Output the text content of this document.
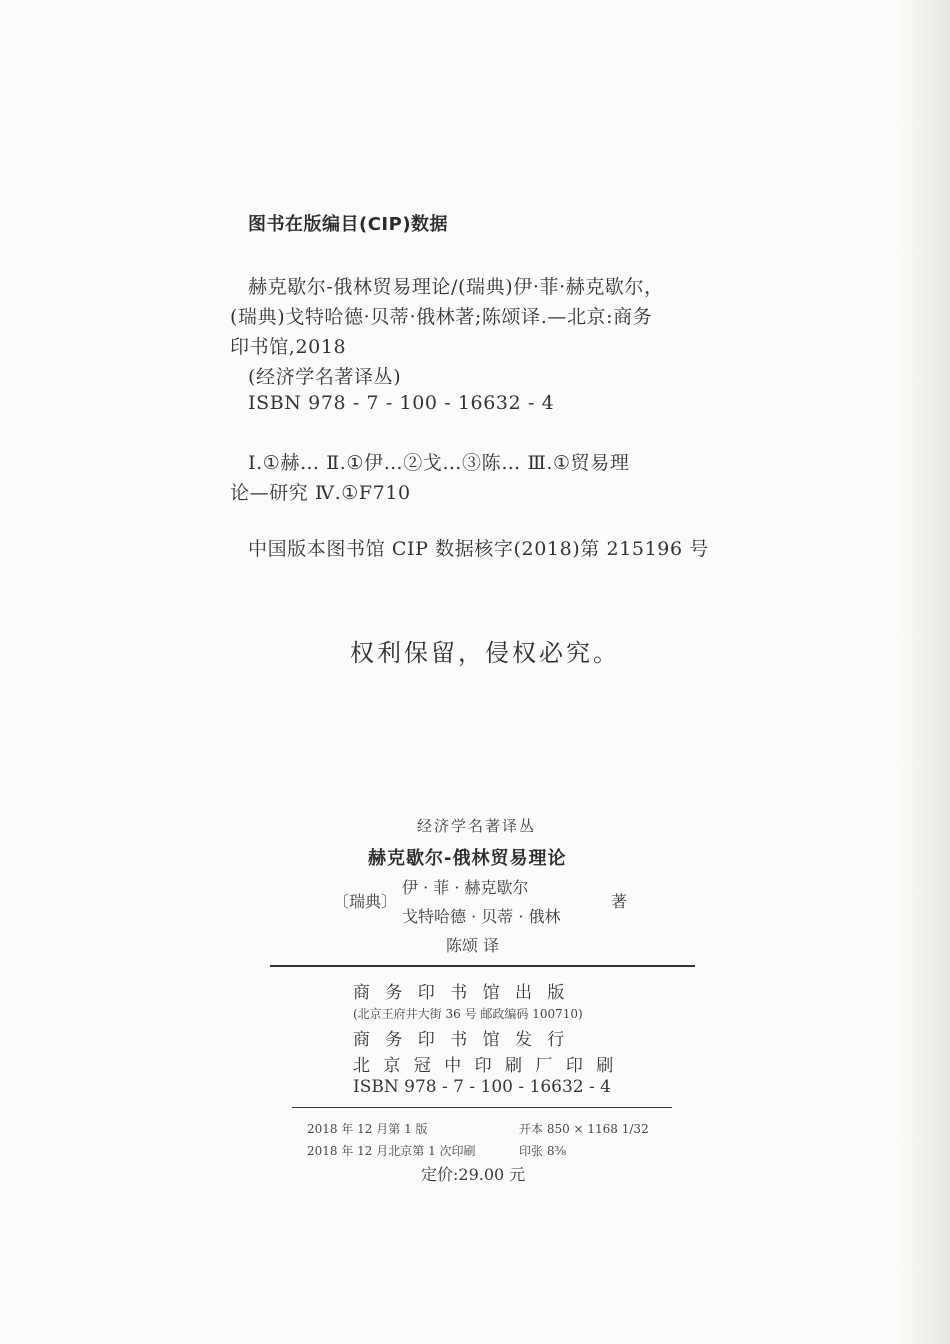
图书在版编目(CIP)数据
赫克歇尔-俄林贸易理论/(瑞典)伊·菲·赫克歇尔，
(瑞典)戈特哈德·贝蒂·俄林著;陈颂译.—北京:商务
印书馆,2018
(经济学名著译丛)
ISBN 978 - 7 - 100 - 16632 - 4
Ⅰ.①赫… Ⅱ.①伊…②戈…③陈… Ⅲ.①贸易理
论—研究 Ⅳ.①F710
中国版本图书馆 CIP 数据核字(2018)第 215196 号
权利保留，侵权必究。
经济学名著译丛
赫克歇尔-俄林贸易理论
〔瑞典〕
伊 · 菲 · 赫克歇尔
戈特哈德 · 贝蒂 · 俄林
著
陈颂 译
商 务 印 书 馆 出 版
(北京王府井大街 36 号 邮政编码 100710)
商 务 印 书 馆 发 行
北 京 冠 中 印 刷 厂 印 刷
ISBN 978 - 7 - 100 - 16632 - 4
2018 年 12 月第 1 版	开本 850 × 1168 1/32
2018 年 12 月北京第 1 次印刷	印张 8⅜
定价:29.00 元
